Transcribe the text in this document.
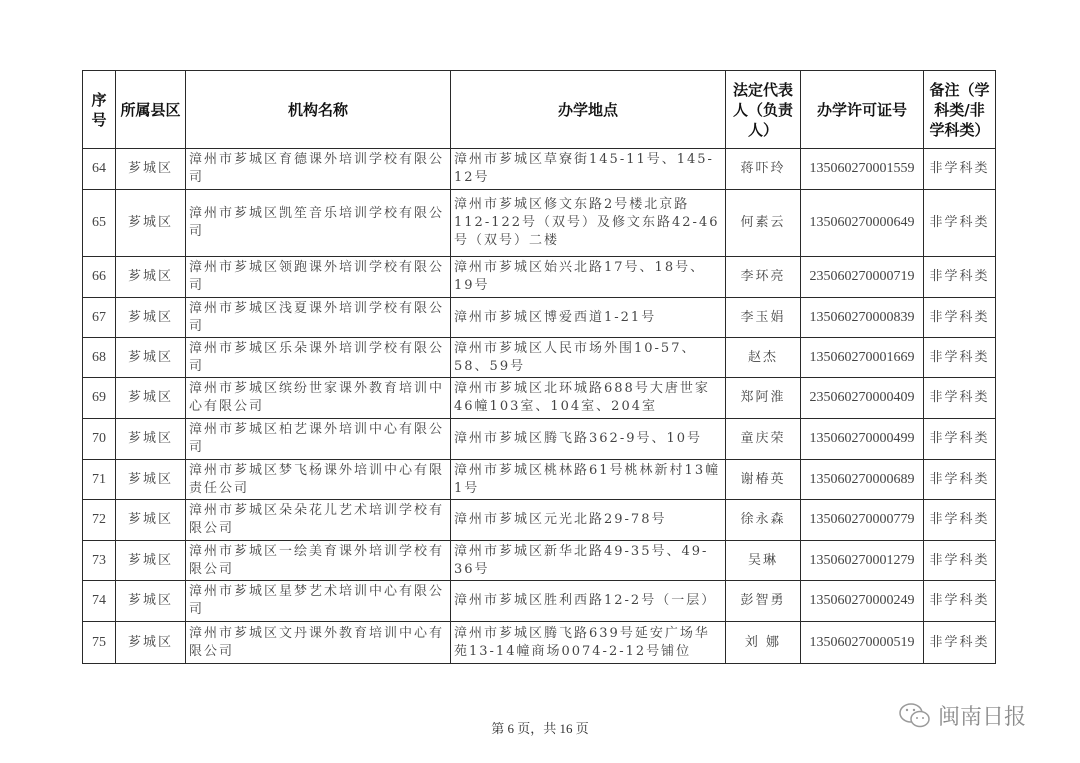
序号	所属县区	机构名称	办学地点	法定代表人（负责人）	办学许可证号	备注（学科类/非学科类）
64	芗城区	漳州市芗城区育德课外培训学校有限公司	漳州市芗城区草寮街145-11号、145-12号	蒋吓玲	135060270001559	非学科类
65	芗城区	漳州市芗城区凯笙音乐培训学校有限公司	漳州市芗城区修文东路2号楼北京路112-122号（双号）及修文东路42-46号（双号）二楼	何素云	135060270000649	非学科类
66	芗城区	漳州市芗城区领跑课外培训学校有限公司	漳州市芗城区始兴北路17号、18号、19号	李环亮	235060270000719	非学科类
67	芗城区	漳州市芗城区浅夏课外培训学校有限公司	漳州市芗城区博爱西道1-21号	李玉娟	135060270000839	非学科类
68	芗城区	漳州市芗城区乐朵课外培训学校有限公司	漳州市芗城区人民市场外围10-57、58、59号	赵杰	135060270001669	非学科类
69	芗城区	漳州市芗城区缤纷世家课外教育培训中心有限公司	漳州市芗城区北环城路688号大唐世家46幢103室、104室、204室	郑阿淮	235060270000409	非学科类
70	芗城区	漳州市芗城区柏艺课外培训中心有限公司	漳州市芗城区腾飞路362-9号、10号	童庆荣	135060270000499	非学科类
71	芗城区	漳州市芗城区梦飞杨课外培训中心有限责任公司	漳州市芗城区桃林路61号桃林新村13幢1号	谢椿英	135060270000689	非学科类
72	芗城区	漳州市芗城区朵朵花儿艺术培训学校有限公司	漳州市芗城区元光北路29-78号	徐永森	135060270000779	非学科类
73	芗城区	漳州市芗城区一绘美育课外培训学校有限公司	漳州市芗城区新华北路49-35号、49-36号	吴琳	135060270001279	非学科类
74	芗城区	漳州市芗城区星梦艺术培训中心有限公司	漳州市芗城区胜利西路12-2号（一层）	彭智勇	135060270000249	非学科类
75	芗城区	漳州市芗城区文丹课外教育培训中心有限公司	漳州市芗城区腾飞路639号延安广场华苑13-14幢商场0074-2-12号铺位	刘 娜	135060270000519	非学科类
第 6 页，共 16 页	闽南日报
